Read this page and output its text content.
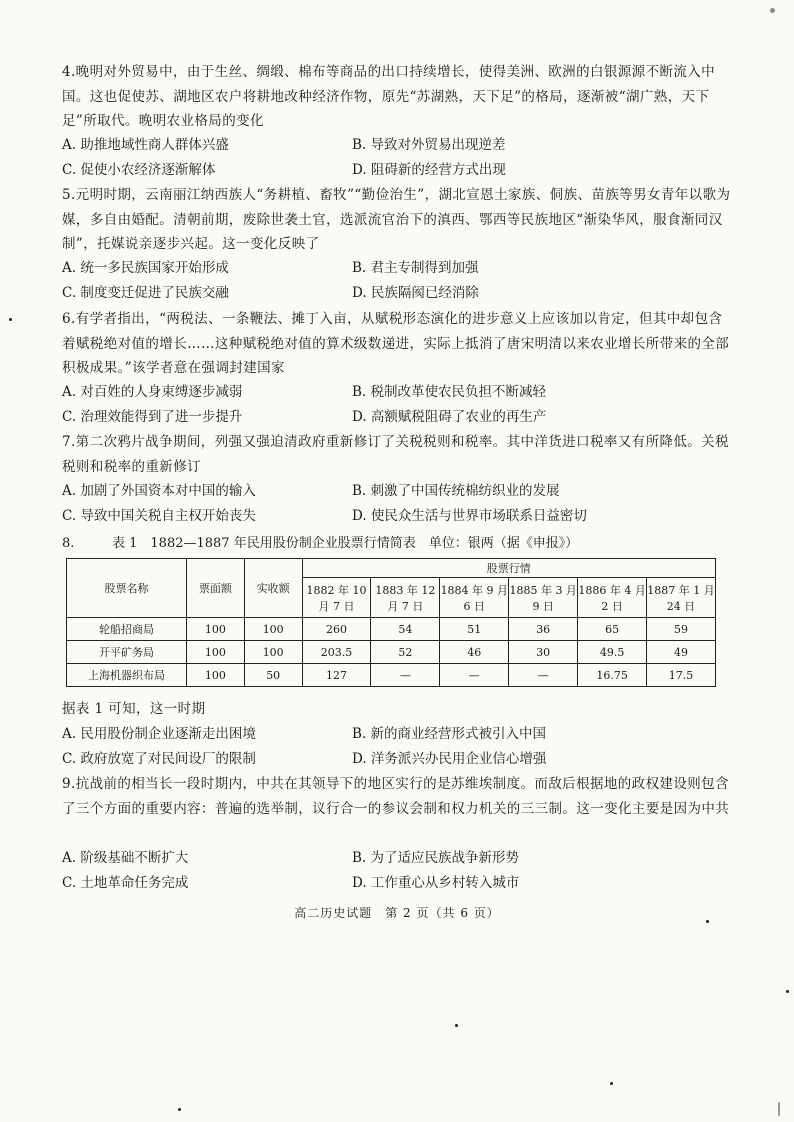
4.晚明对外贸易中，由于生丝、绸缎、棉布等商品的出口持续增长，使得美洲、欧洲的白银源源不断流入中国。这也促使苏、湖地区农户将耕地改种经济作物，原先“苏湖熟，天下足”的格局，逐渐被“湖广熟，天下足”所取代。晚明农业格局的变化
A. 助推地域性商人群体兴盛	B. 导致对外贸易出现逆差
C. 促使小农经济逐渐解体	D. 阻碍新的经营方式出现
5.元明时期，云南丽江纳西族人“务耕植、畜牧”“勤俭治生”，湖北宣恩土家族、侗族、苗族等男女青年以歌为媒，多自由婚配。清朝前期，废除世袭土官，选派流官治下的滇西、鄂西等民族地区“渐染华风，服食渐同汉制”，托媒说亲逐步兴起。这一变化反映了
A. 统一多民族国家开始形成	B. 君主专制得到加强
C. 制度变迁促进了民族交融	D. 民族隔阂已经消除
6.有学者指出，“两税法、一条鞭法、摊丁入亩，从赋税形态演化的进步意义上应该加以肯定，但其中却包含着赋税绝对值的增长……这种赋税绝对值的算术级数递进，实际上抵消了唐宋明清以来农业增长所带来的全部积极成果。”该学者意在强调封建国家
A. 对百姓的人身束缚逐步减弱	B. 税制改革使农民负担不断减轻
C. 治理效能得到了进一步提升	D. 高额赋税阻碍了农业的再生产
7.第二次鸦片战争期间，列强又强迫清政府重新修订了关税税则和税率。其中洋货进口税率又有所降低。关税税则和税率的重新修订
A. 加剧了外国资本对中国的输入	B. 刺激了中国传统棉纺织业的发展
C. 导致中国关税自主权开始丧失	D. 使民众生活与世界市场联系日益密切
8.	表 1　1882—1887 年民用股份制企业股票行情简表　单位：银两（据《申报》）
股票名称	票面额	实收额	股票行情					
			1882 年 10 月 7 日	1883 年 12 月 7 日	1884 年 9 月 6 日	1885 年 3 月 9 日	1886 年 4 月 2 日	1887 年 1 月 24 日
轮船招商局	100	100	260	54	51	36	65	59
开平矿务局	100	100	203.5	52	46	30	49.5	49
上海机器织布局	100	50	127	—	—	—	16.75	17.5
据表 1 可知，这一时期
A. 民用股份制企业逐渐走出困境	B. 新的商业经营形式被引入中国
C. 政府放宽了对民间设厂的限制	D. 洋务派兴办民用企业信心增强
9.抗战前的相当长一段时期内，中共在其领导下的地区实行的是苏维埃制度。而敌后根据地的政权建设则包含了三个方面的重要内容：普遍的选举制，议行合一的参议会制和权力机关的三三制。这一变化主要是因为中共
A. 阶级基础不断扩大	B. 为了适应民族战争新形势
C. 土地革命任务完成	D. 工作重心从乡村转入城市
高二历史试题　第 2 页（共 6 页）
